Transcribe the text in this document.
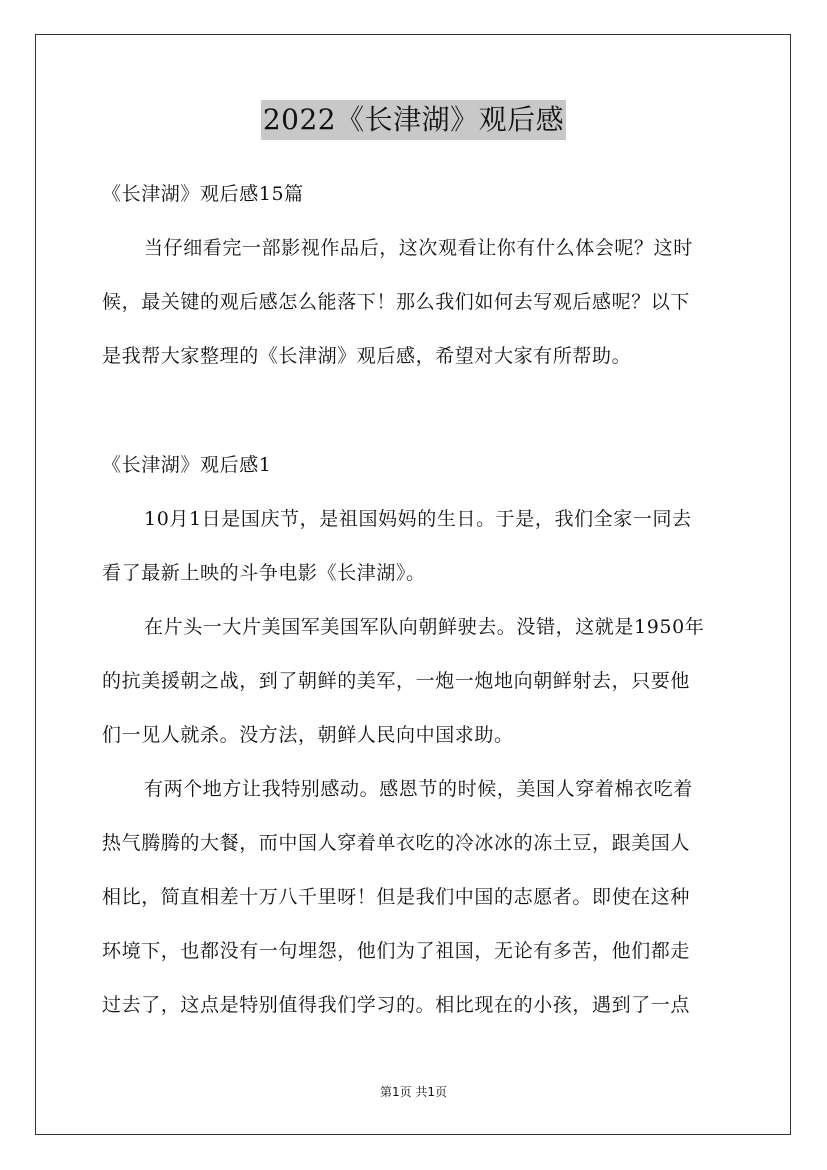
2022《长津湖》观后感
《长津湖》观后感15篇
当仔细看完一部影视作品后，这次观看让你有什么体会呢？这时
候，最关键的观后感怎么能落下！那么我们如何去写观后感呢？以下
是我帮大家整理的《长津湖》观后感，希望对大家有所帮助。
《长津湖》观后感1
10月1日是国庆节，是祖国妈妈的生日。于是，我们全家一同去
看了最新上映的斗争电影《长津湖》。
在片头一大片美国军美国军队向朝鲜驶去。没错，这就是1950年
的抗美援朝之战，到了朝鲜的美军，一炮一炮地向朝鲜射去，只要他
们一见人就杀。没方法，朝鲜人民向中国求助。
有两个地方让我特别感动。感恩节的时候，美国人穿着棉衣吃着
热气腾腾的大餐，而中国人穿着单衣吃的冷冰冰的冻土豆，跟美国人
相比，简直相差十万八千里呀！但是我们中国的志愿者。即使在这种
环境下，也都没有一句埋怨，他们为了祖国，无论有多苦，他们都走
过去了，这点是特别值得我们学习的。相比现在的小孩，遇到了一点
第1页 共1页
